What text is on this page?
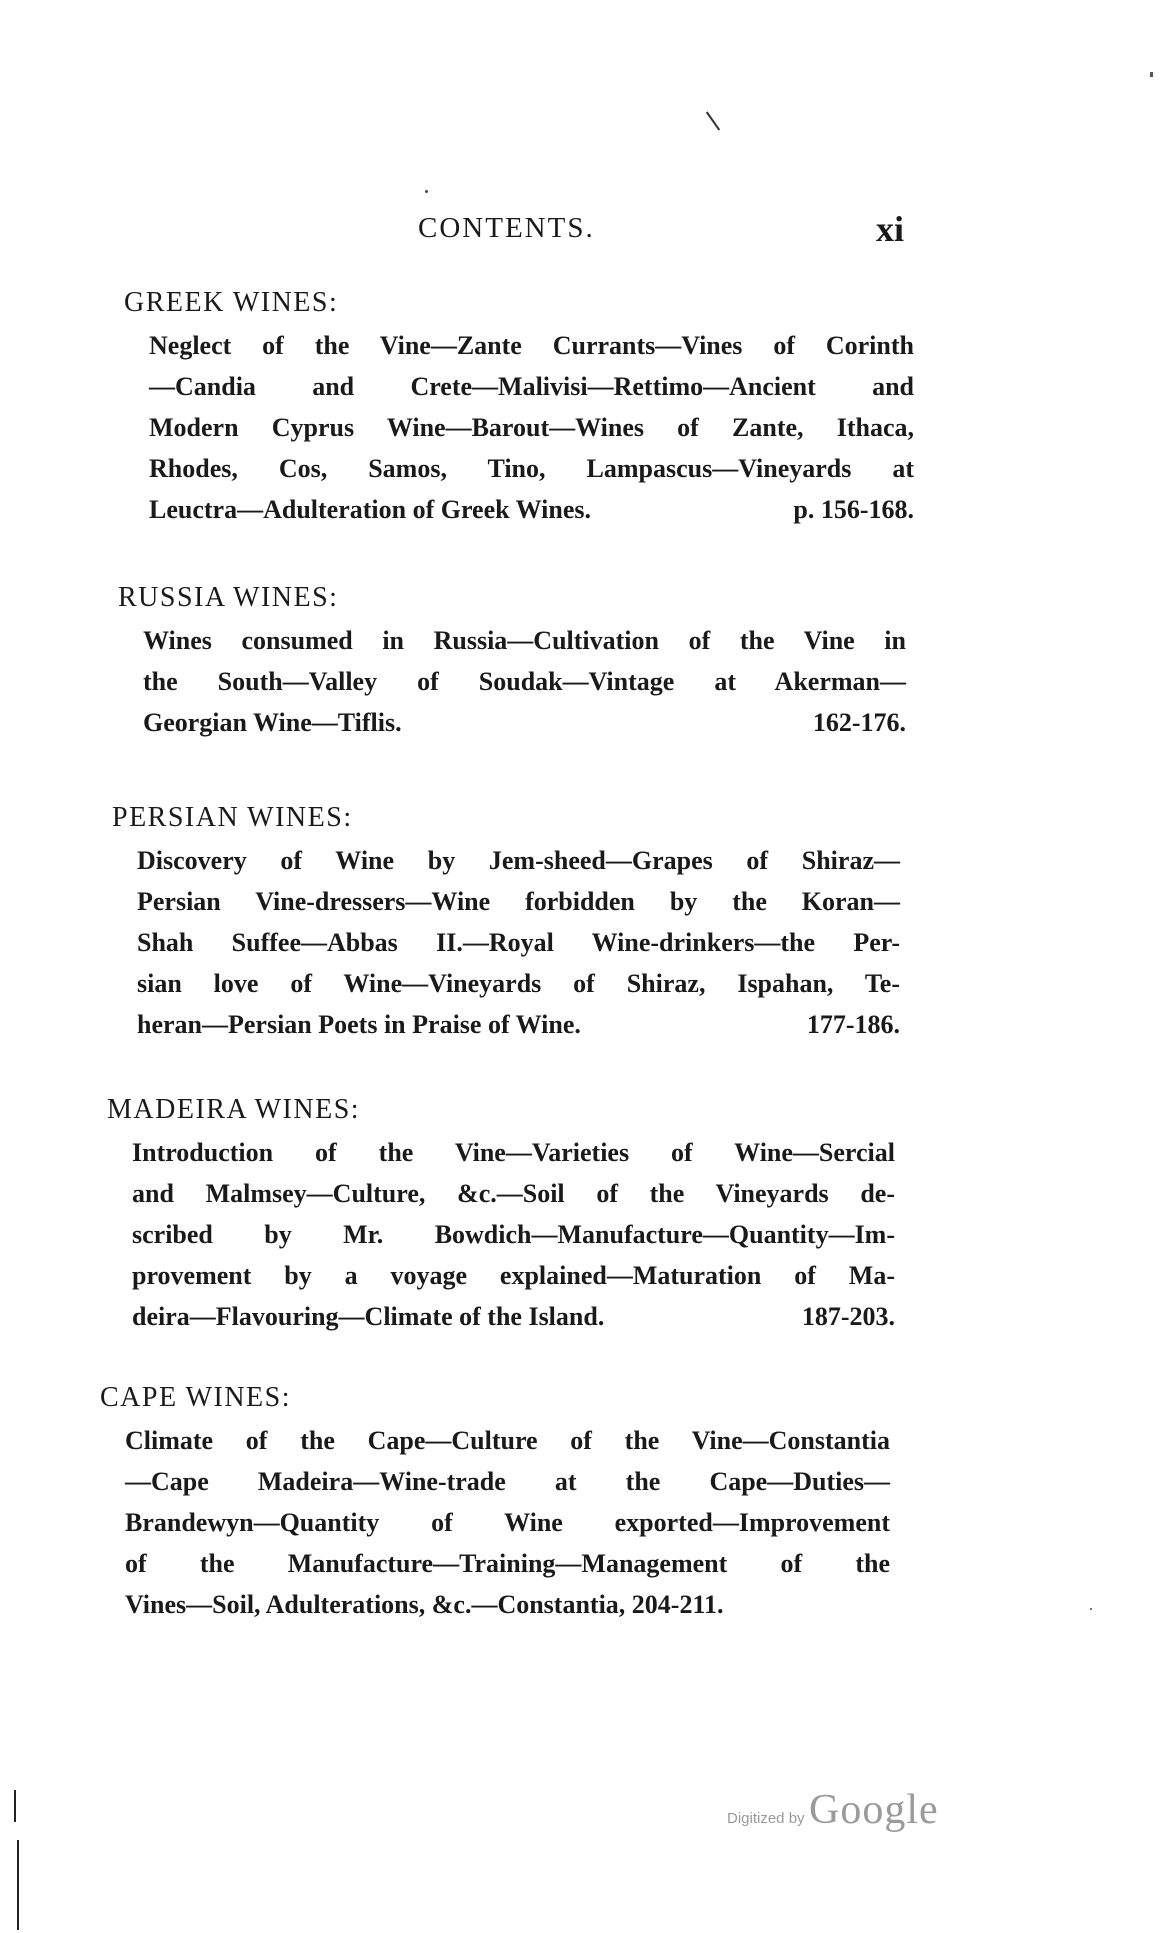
CONTENTS.	xi
GREEK WINES:
Neglect of the Vine—Zante Currants—Vines of Corinth
—Candia and Crete—Malivisi—Rettimo—Ancient and
Modern Cyprus Wine—Barout—Wines of Zante, Ithaca,
Rhodes, Cos, Samos, Tino, Lampascus—Vineyards at
Leuctra—Adulteration of Greek Wines.	p. 156-168.
RUSSIA WINES:
Wines consumed in Russia—Cultivation of the Vine in
the South—Valley of Soudak—Vintage at Akerman—
Georgian Wine—Tiflis.	162-176.
PERSIAN WINES:
Discovery of Wine by Jem-sheed—Grapes of Shiraz—
Persian Vine-dressers—Wine forbidden by the Koran—
Shah Suffee—Abbas II.—Royal Wine-drinkers—the Per-
sian love of Wine—Vineyards of Shiraz, Ispahan, Te-
heran—Persian Poets in Praise of Wine.	177-186.
MADEIRA WINES:
Introduction of the Vine—Varieties of Wine—Sercial
and Malmsey—Culture, &c.—Soil of the Vineyards de-
scribed by Mr. Bowdich—Manufacture—Quantity—Im-
provement by a voyage explained—Maturation of Ma-
deira—Flavouring—Climate of the Island.	187-203.
CAPE WINES:
Climate of the Cape—Culture of the Vine—Constantia
—Cape Madeira—Wine-trade at the Cape—Duties—
Brandewyn—Quantity of Wine exported—Improvement
of the Manufacture—Training—Management of the
Vines—Soil, Adulterations, &c.—Constantia, 204-211.
Digitized by Google
